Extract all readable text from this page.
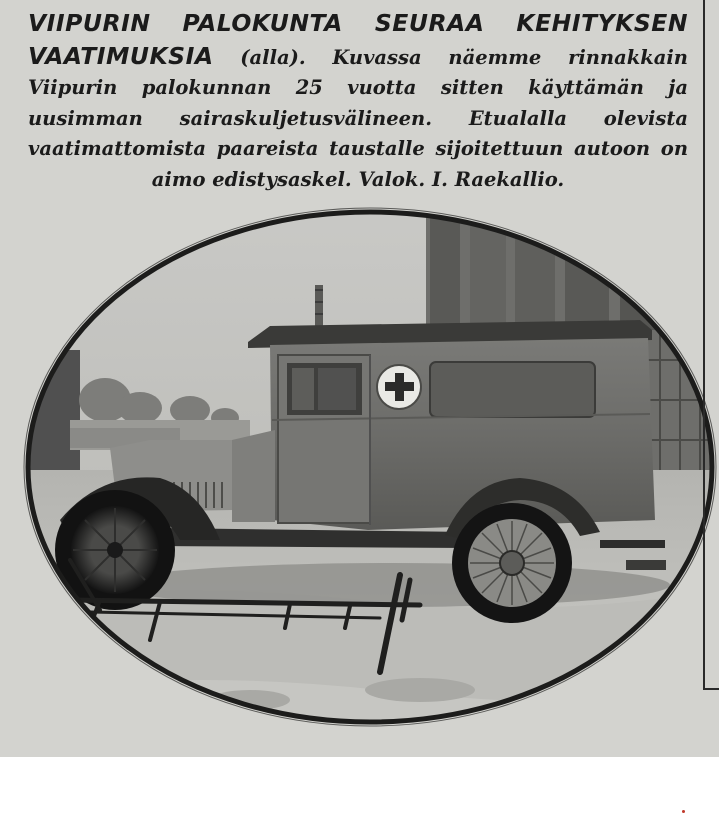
VIIPURIN PALOKUNTA SEURAA KEHITYKSEN VAATIMUKSIA (alla). Kuvassa näemme rinnakkain Viipurin palokunnan 25 vuotta sitten käyttämän ja uusimman sairaskuljetusvälineen. Etualalla olevista vaatimattomista paareista taustalle sijoitettuun autoon on aimo edistysaskel. Valok. I. Raekallio.
